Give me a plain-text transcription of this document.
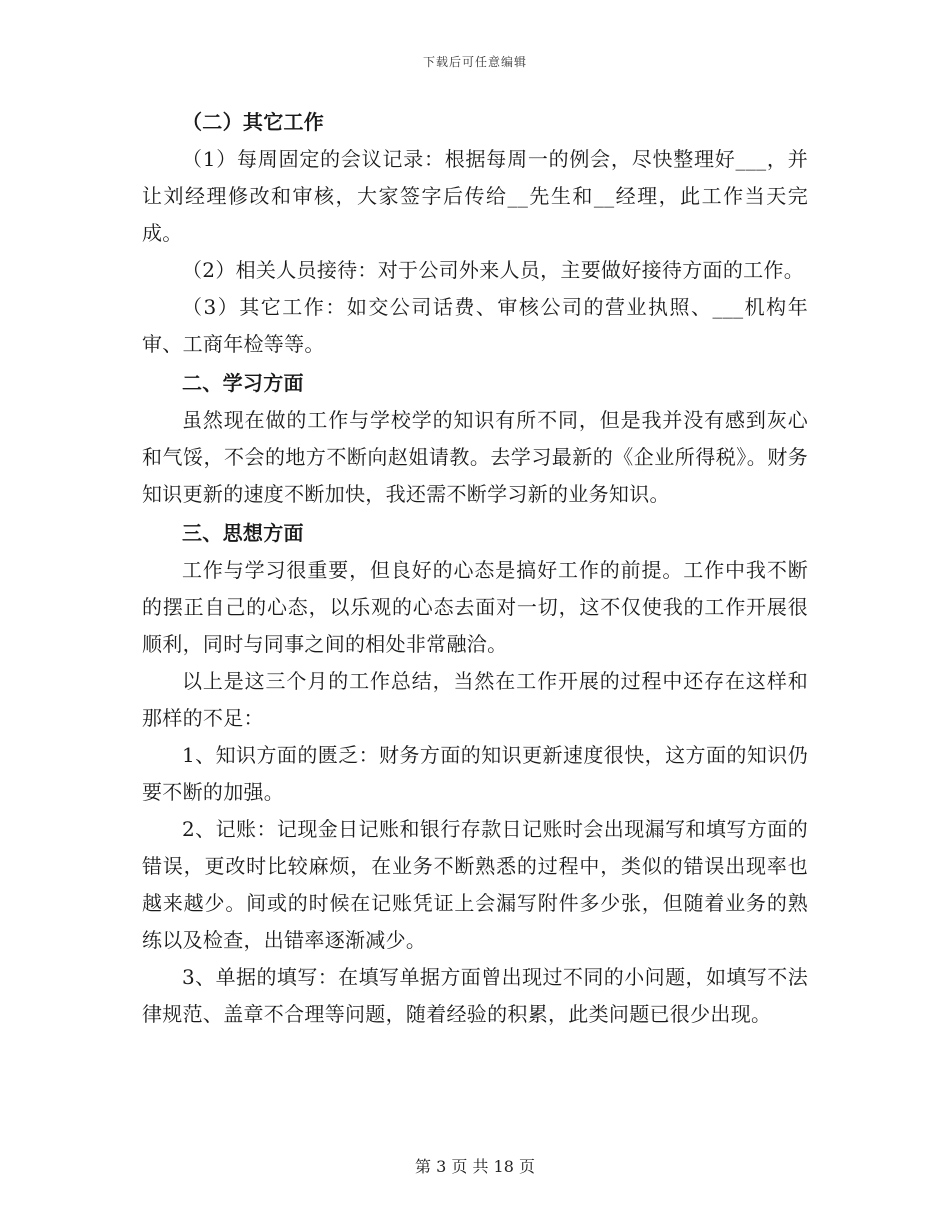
下载后可任意编辑
（二）其它工作

（1）每周固定的会议记录：根据每周一的例会，尽快整理好___，并让刘经理修改和审核，大家签字后传给__先生和__经理，此工作当天完成。

（2）相关人员接待：对于公司外来人员，主要做好接待方面的工作。

（3）其它工作：如交公司话费、审核公司的营业执照、___机构年审、工商年检等等。

二、学习方面

虽然现在做的工作与学校学的知识有所不同，但是我并没有感到灰心和气馁，不会的地方不断向赵姐请教。去学习最新的《企业所得税》。财务知识更新的速度不断加快，我还需不断学习新的业务知识。

三、思想方面

工作与学习很重要，但良好的心态是搞好工作的前提。工作中我不断的摆正自己的心态，以乐观的心态去面对一切，这不仅使我的工作开展很顺利，同时与同事之间的相处非常融洽。

以上是这三个月的工作总结，当然在工作开展的过程中还存在这样和那样的不足：

1、知识方面的匮乏：财务方面的知识更新速度很快，这方面的知识仍要不断的加强。

2、记账：记现金日记账和银行存款日记账时会出现漏写和填写方面的错误，更改时比较麻烦，在业务不断熟悉的过程中，类似的错误出现率也越来越少。间或的时候在记账凭证上会漏写附件多少张，但随着业务的熟练以及检查，出错率逐渐减少。

3、单据的填写：在填写单据方面曾出现过不同的小问题，如填写不法律规范、盖章不合理等问题，随着经验的积累，此类问题已很少出现。

第 3 页 共 18 页
